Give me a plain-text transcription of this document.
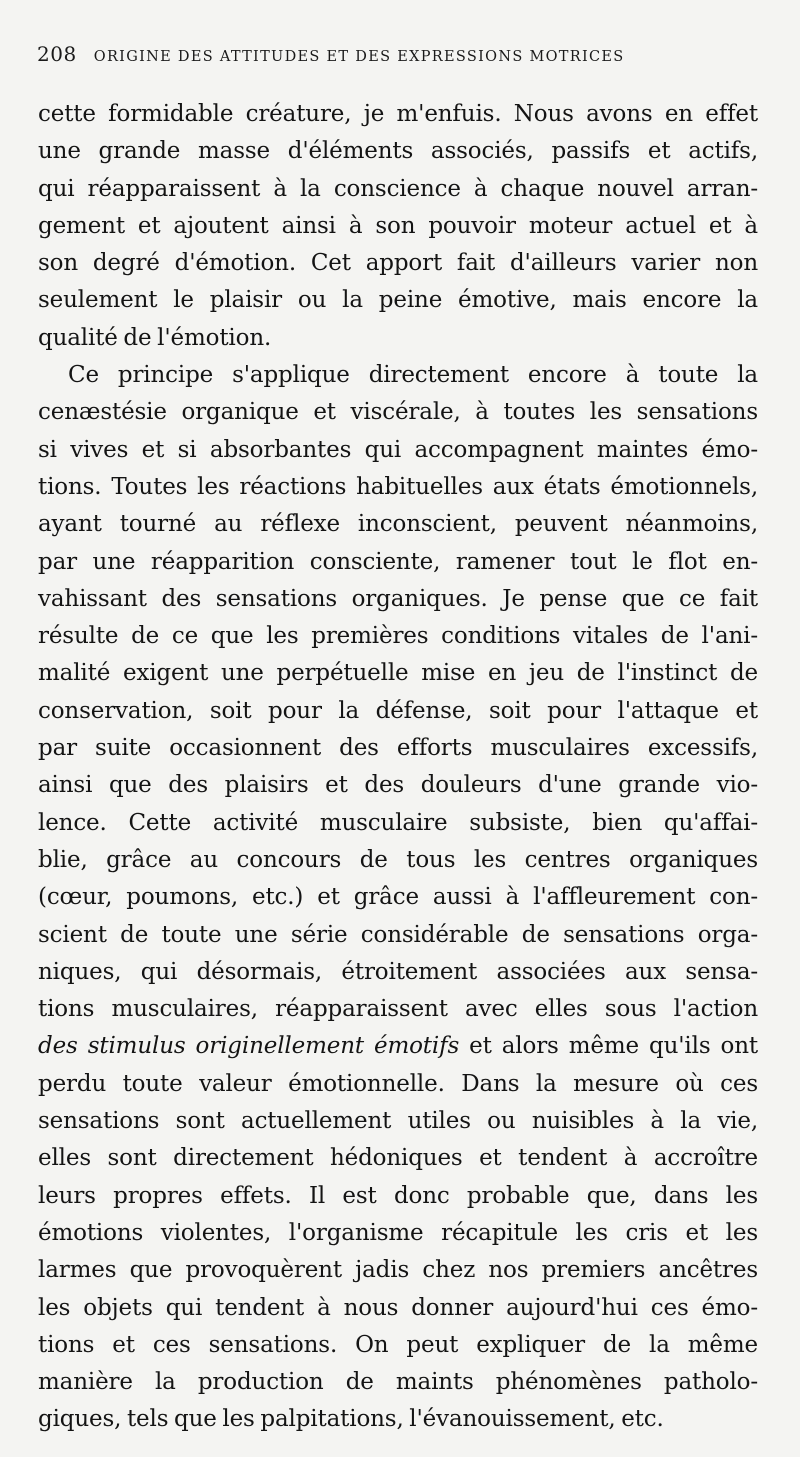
208 ORIGINE DES ATTITUDES ET DES EXPRESSIONS MOTRICES
cette formidable créature, je m'enfuis. Nous avons en effet
une grande masse d'éléments associés, passifs et actifs,
qui réapparaissent à la conscience à chaque nouvel arran-
gement et ajoutent ainsi à son pouvoir moteur actuel et à
son degré d'émotion. Cet apport fait d'ailleurs varier non
seulement le plaisir ou la peine émotive, mais encore la
qualité de l'émotion.
Ce principe s'applique directement encore à toute la
cenæstésie organique et viscérale, à toutes les sensations
si vives et si absorbantes qui accompagnent maintes émo-
tions. Toutes les réactions habituelles aux états émotionnels,
ayant tourné au réflexe inconscient, peuvent néanmoins,
par une réapparition consciente, ramener tout le flot en-
vahissant des sensations organiques. Je pense que ce fait
résulte de ce que les premières conditions vitales de l'ani-
malité exigent une perpétuelle mise en jeu de l'instinct de
conservation, soit pour la défense, soit pour l'attaque et
par suite occasionnent des efforts musculaires excessifs,
ainsi que des plaisirs et des douleurs d'une grande vio-
lence. Cette activité musculaire subsiste, bien qu'affai-
blie, grâce au concours de tous les centres organiques
(cœur, poumons, etc.) et grâce aussi à l'affleurement con-
scient de toute une série considérable de sensations orga-
niques, qui désormais, étroitement associées aux sensa-
tions musculaires, réapparaissent avec elles sous l'action
des stimulus originellement émotifs et alors même qu'ils ont
perdu toute valeur émotionnelle. Dans la mesure où ces
sensations sont actuellement utiles ou nuisibles à la vie,
elles sont directement hédoniques et tendent à accroître
leurs propres effets. Il est donc probable que, dans les
émotions violentes, l'organisme récapitule les cris et les
larmes que provoquèrent jadis chez nos premiers ancêtres
les objets qui tendent à nous donner aujourd'hui ces émo-
tions et ces sensations. On peut expliquer de la même
manière la production de maints phénomènes patholo-
giques, tels que les palpitations, l'évanouissement, etc.
